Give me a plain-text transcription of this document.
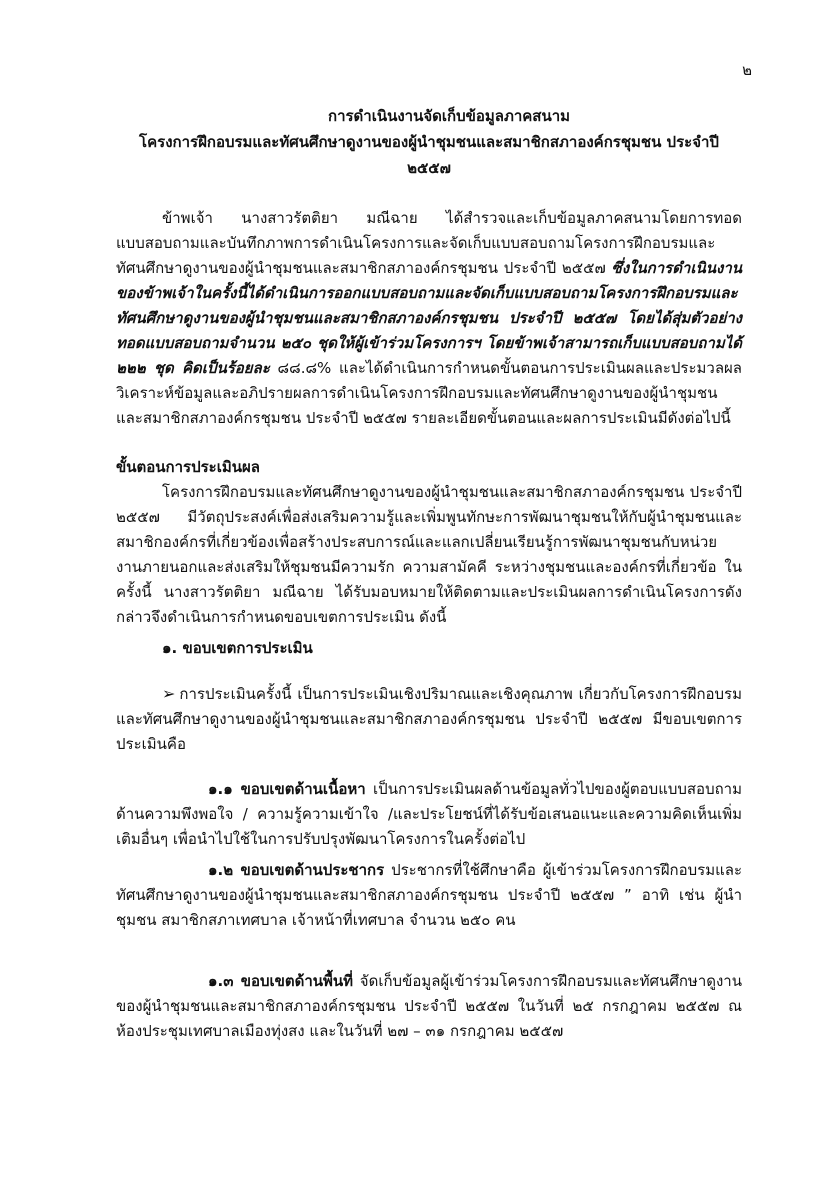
๒
การดำเนินงานจัดเก็บข้อมูลภาคสนาม
โครงการฝึกอบรมและทัศนศึกษาดูงานของผู้นำชุมชนและสมาชิกสภาองค์กรชุมชน ประจำปี ๒๕๕๗

ข้าพเจ้า นางสาวรัตติยา มณีฉาย ได้สำรวจและเก็บข้อมูลภาคสนามโดยการทอดแบบสอบถามและบันทึกภาพการดำเนินโครงการและจัดเก็บแบบสอบถามโครงการฝึกอบรมและทัศนศึกษาดูงานของผู้นำชุมชนและสมาชิกสภาองค์กรชุมชน ประจำปี ๒๕๕๗ ซึ่งในการดำเนินงานของข้าพเจ้าในครั้งนี้ได้ดำเนินการออกแบบสอบถามและจัดเก็บแบบสอบถามโครงการฝึกอบรมและทัศนศึกษาดูงานของผู้นำชุมชนและสมาชิกสภาองค์กรชุมชน ประจำปี ๒๕๕๗ โดยได้สุ่มตัวอย่างทอดแบบสอบถามจำนวน ๒๕๐ ชุดให้ผู้เข้าร่วมโครงการฯ โดยข้าพเจ้าสามารถเก็บแบบสอบถามได้ ๒๒๒ ชุด คิดเป็นร้อยละ ๘๘.๘% และได้ดำเนินการกำหนดขั้นตอนการประเมินผลและประมวลผลวิเคราะห์ข้อมูลและอภิปรายผลการดำเนินโครงการฝึกอบรมและทัศนศึกษาดูงานของผู้นำชุมชนและสมาชิกสภาองค์กรชุมชน ประจำปี ๒๕๕๗ รายละเอียดขั้นตอนและผลการประเมินมีดังต่อไปนี้

ขั้นตอนการประเมินผล

โครงการฝึกอบรมและทัศนศึกษาดูงานของผู้นำชุมชนและสมาชิกสภาองค์กรชุมชน ประจำปี ๒๕๕๗ มีวัตถุประสงค์เพื่อส่งเสริมความรู้และเพิ่มพูนทักษะการพัฒนาชุมชนให้กับผู้นำชุมชนและสมาชิกองค์กรที่เกี่ยวข้องเพื่อสร้างประสบการณ์และแลกเปลี่ยนเรียนรู้การพัฒนาชุมชนกับหน่วยงานภายนอกและส่งเสริมให้ชุมชนมีความรัก ความสามัคคี ระหว่างชุมชนและองค์กรที่เกี่ยวข้อ ในครั้งนี้ นางสาวรัตติยา มณีฉาย ได้รับมอบหมายให้ติดตามและประเมินผลการดำเนินโครงการดังกล่าวจึงดำเนินการกำหนดขอบเขตการประเมิน ดังนี้

๑. ขอบเขตการประเมิน

➢ การประเมินครั้งนี้ เป็นการประเมินเชิงปริมาณและเชิงคุณภาพ เกี่ยวกับโครงการฝึกอบรมและทัศนศึกษาดูงานของผู้นำชุมชนและสมาชิกสภาองค์กรชุมชน ประจำปี ๒๕๕๗ มีขอบเขตการประเมินคือ

๑.๑ ขอบเขตด้านเนื้อหา เป็นการประเมินผลด้านข้อมูลทั่วไปของผู้ตอบแบบสอบถาม ด้านความพึงพอใจ / ความรู้ความเข้าใจ /และประโยชน์ที่ได้รับข้อเสนอแนะและความคิดเห็นเพิ่มเติมอื่นๆ เพื่อนำไปใช้ในการปรับปรุงพัฒนาโครงการในครั้งต่อไป

๑.๒ ขอบเขตด้านประชากร ประชากรที่ใช้ศึกษาคือ ผู้เข้าร่วมโครงการฝึกอบรมและทัศนศึกษาดูงานของผู้นำชุมชนและสมาชิกสภาองค์กรชุมชน ประจำปี ๒๕๕๗ ” อาทิ เช่น ผู้นำชุมชน สมาชิกสภาเทศบาล เจ้าหน้าที่เทศบาล จำนวน ๒๕๐ คน

๑.๓ ขอบเขตด้านพื้นที่ จัดเก็บข้อมูลผู้เข้าร่วมโครงการฝึกอบรมและทัศนศึกษาดูงานของผู้นำชุมชนและสมาชิกสภาองค์กรชุมชน ประจำปี ๒๕๕๗ ในวันที่ ๒๕ กรกฎาคม ๒๕๕๗ ณ ห้องประชุมเทศบาลเมืองทุ่งสง และในวันที่ ๒๗ – ๓๑ กรกฎาคม ๒๕๕๗
